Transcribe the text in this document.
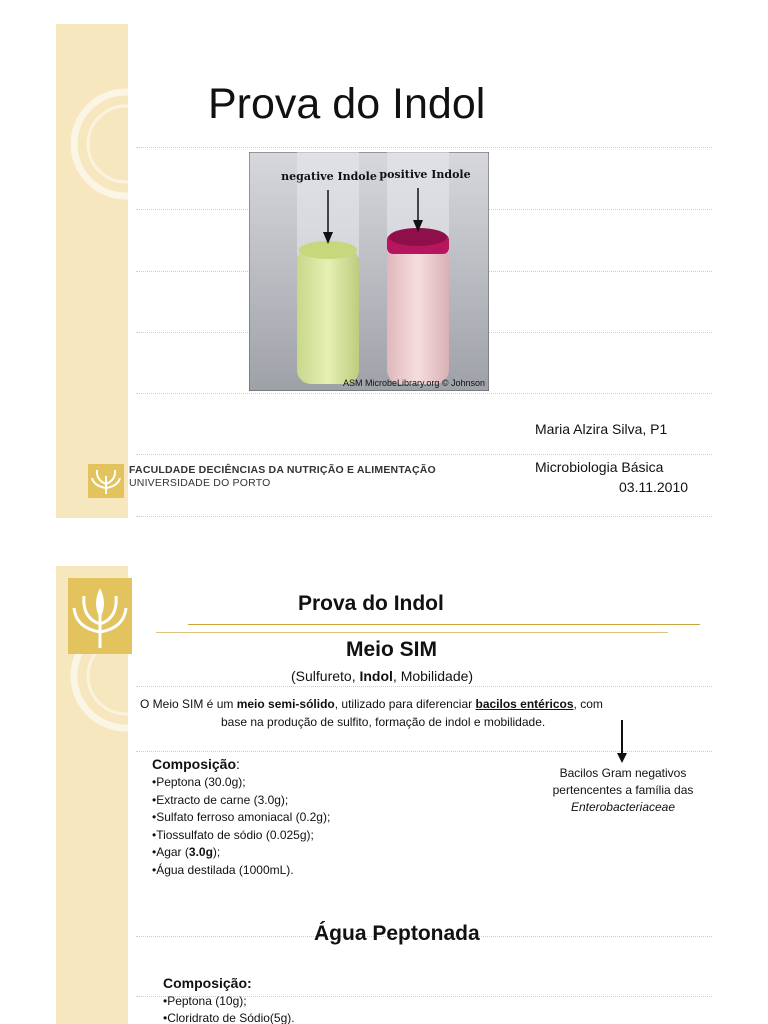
Prova do Indol
negative Indole positive Indole
ASM MicrobeLibrary.org © Johnson
Maria Alzira Silva, P1
Microbiologia Básica
03.11.2010
FACULDADE DECIÊNCIAS DA NUTRIÇÃO E ALIMENTAÇÃO
UNIVERSIDADE DO PORTO
Prova do Indol
Meio SIM
(Sulfureto, Indol, Mobilidade)
O Meio SIM é um meio semi-sólido, utilizado para diferenciar bacilos entéricos, com
base na produção de sulfito, formação de indol e mobilidade.
Bacilos Gram negativos
pertencentes a família das
Enterobacteriaceae
Composição:
•Peptona (30.0g);
•Extracto de carne (3.0g);
•Sulfato ferroso amoniacal (0.2g);
•Tiossulfato de sódio (0.025g);
•Agar (3.0g);
•Água destilada (1000mL).
Água Peptonada
Composição:
•Peptona (10g);
•Cloridrato de Sódio(5g).
